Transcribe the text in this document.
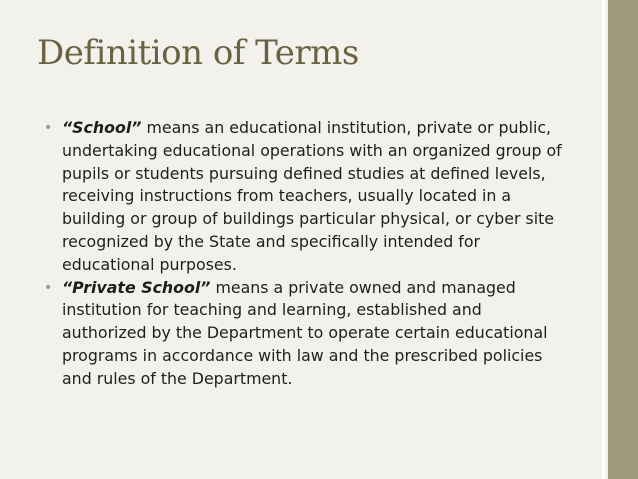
Definition of Terms

• “School” means an educational institution, private or public, undertaking educational operations with an organized group of pupils or students pursuing defined studies at defined levels, receiving instructions from teachers, usually located in a building or group of buildings particular physical, or cyber site recognized by the State and specifically intended for educational purposes.

• “Private School” means a private owned and managed institution for teaching and learning, established and authorized by the Department to operate certain educational programs in accordance with law and the prescribed policies and rules of the Department.
